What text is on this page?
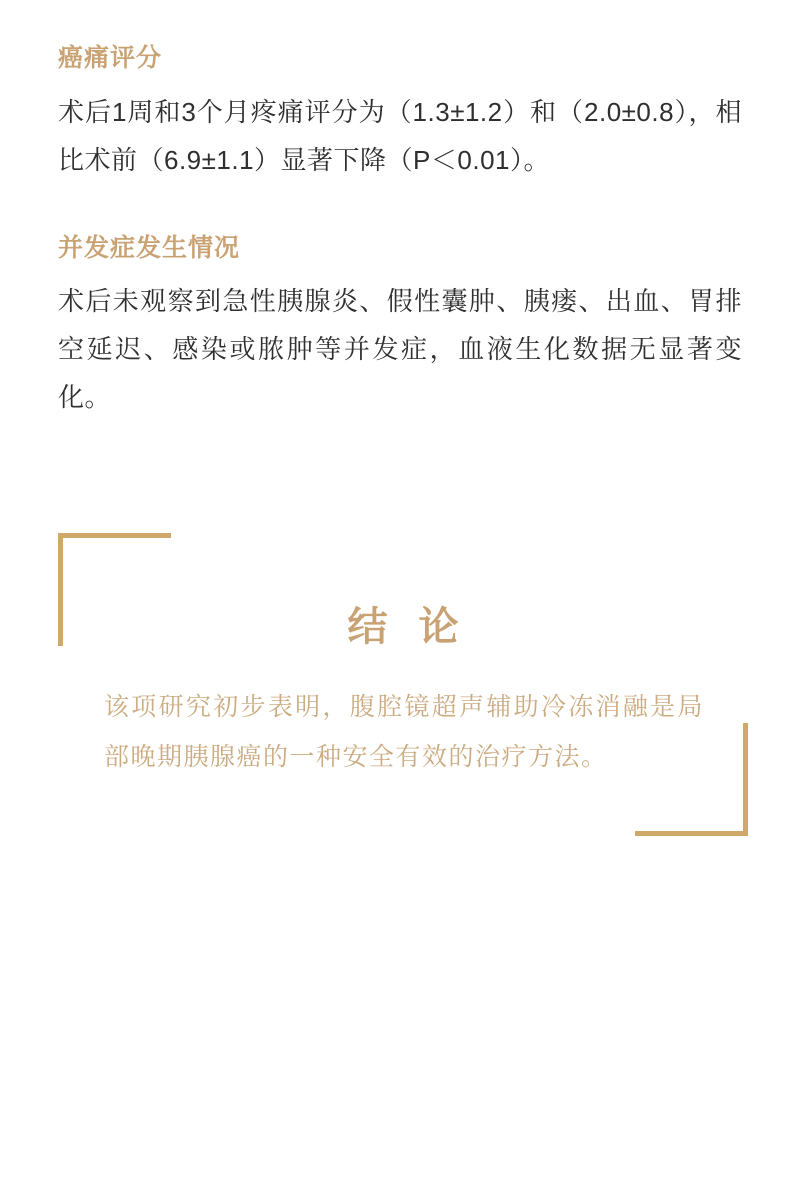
癌痛评分

术后1周和3个月疼痛评分为（1.3±1.2）和（2.0±0.8），相比术前（6.9±1.1）显著下降（P＜0.01）。

并发症发生情况

术后未观察到急性胰腺炎、假性囊肿、胰瘘、出血、胃排空延迟、感染或脓肿等并发症，血液生化数据无显著变化。

结 论

该项研究初步表明，腹腔镜超声辅助冷冻消融是局部晚期胰腺癌的一种安全有效的治疗方法。
